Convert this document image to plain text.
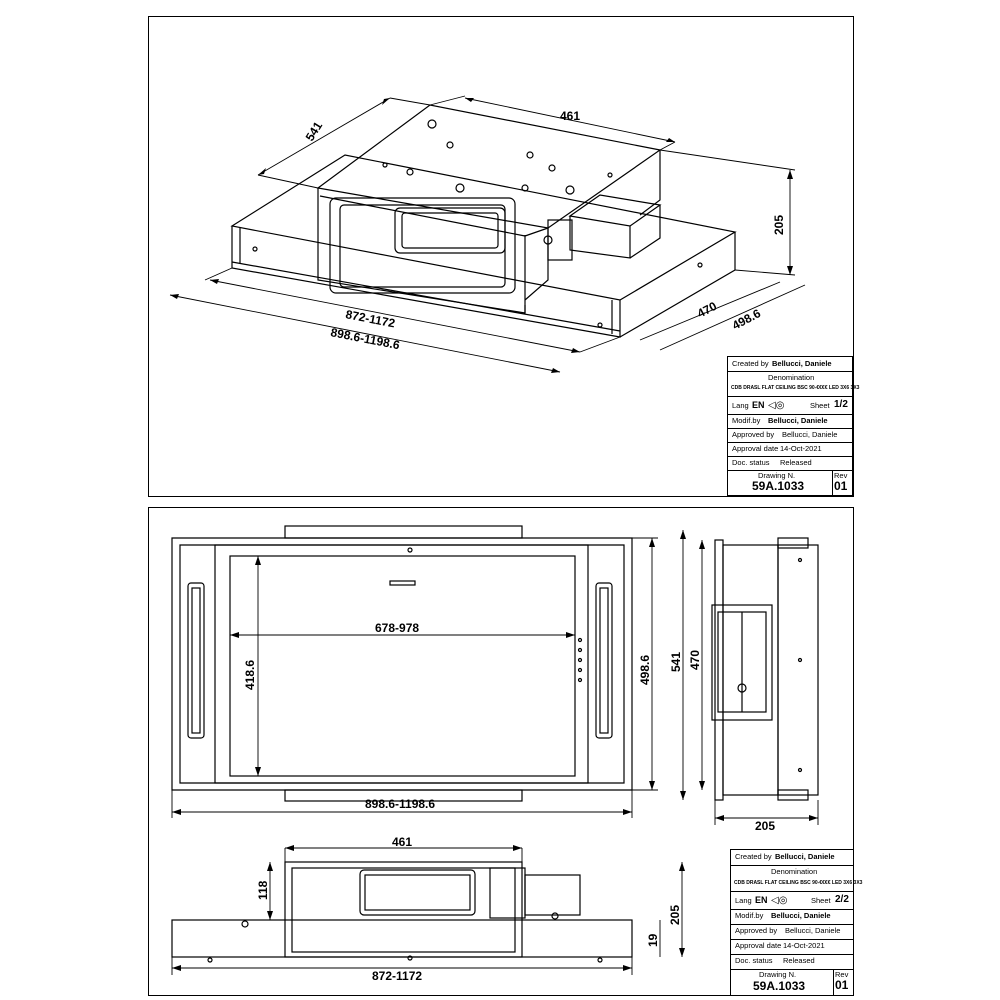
541
461
205
470 498.6
872-1172
898.6-1198.6
678-978
418.6	498.6
898.6-1198.6
541 470
205
461
118
205
19
872-1172
Created by Bellucci, Daniele
Denomination
CDB DRASL FLAT CEILING BSC 90-€€€€ LED 3X6 3X3
Lang EN ◁◎	Sheet 1/2
Modif.by Bellucci, Daniele
Approved by Bellucci, Daniele
Approval date 14-Oct-2021
Doc. status Released
Drawing N.
59A.1033
Rev
01
Created by Bellucci, Daniele
Denomination
CDB DRASL FLAT CEILING BSC 90-€€€€ LED 3X6 3X3
Lang EN ◁◎	Sheet 2/2
Modif.by Bellucci, Daniele
Approved by Bellucci, Daniele
Approval date 14-Oct-2021
Doc. status Released
Drawing N.
59A.1033
Rev
01
